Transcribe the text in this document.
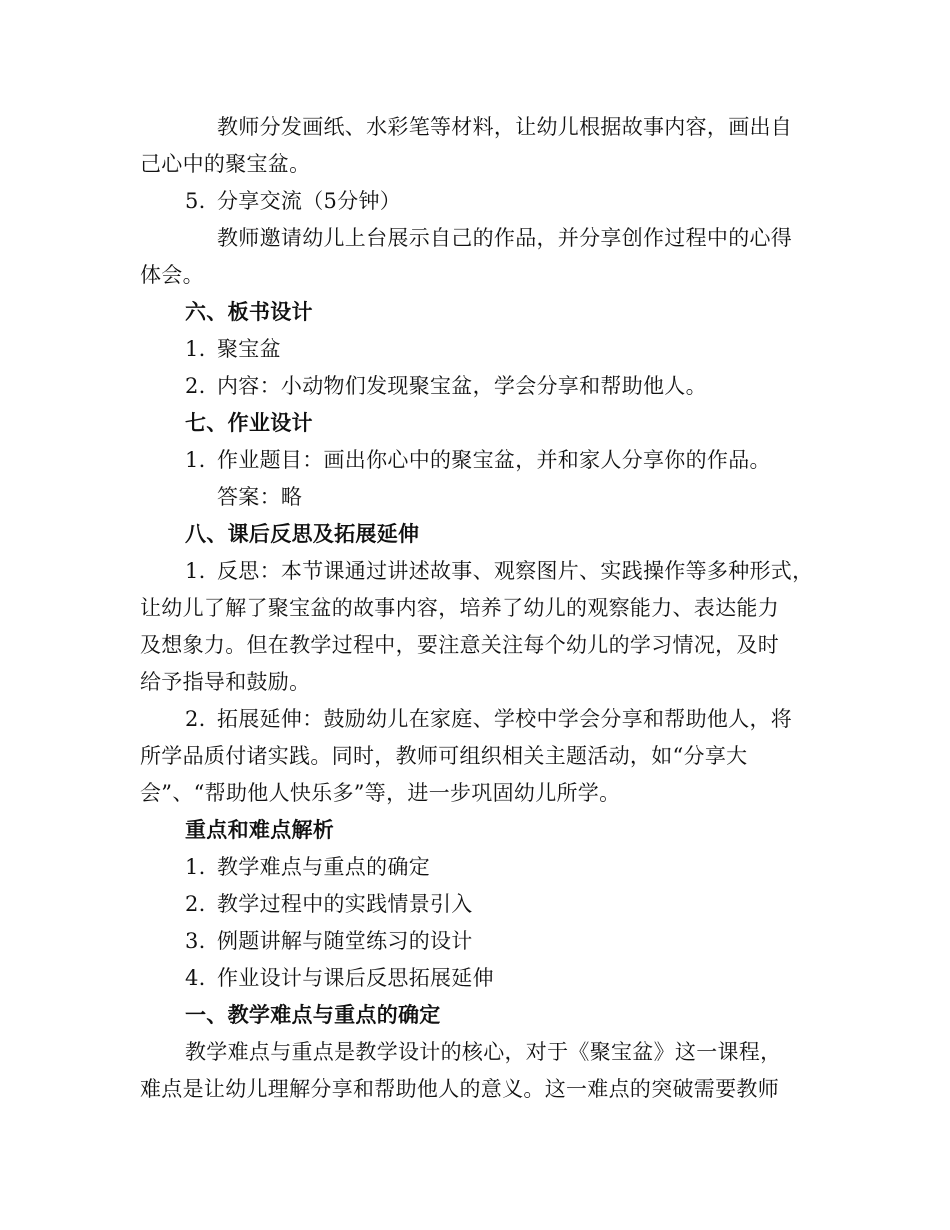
教师分发画纸、水彩笔等材料，让幼儿根据故事内容，画出自
己心中的聚宝盆。
5. 分享交流（5分钟）
教师邀请幼儿上台展示自己的作品，并分享创作过程中的心得
体会。
六、板书设计
1. 聚宝盆
2. 内容：小动物们发现聚宝盆，学会分享和帮助他人。
七、作业设计
1. 作业题目：画出你心中的聚宝盆，并和家人分享你的作品。
答案：略
八、课后反思及拓展延伸
1. 反思：本节课通过讲述故事、观察图片、实践操作等多种形式，
让幼儿了解了聚宝盆的故事内容，培养了幼儿的观察能力、表达能力
及想象力。但在教学过程中，要注意关注每个幼儿的学习情况，及时
给予指导和鼓励。
2. 拓展延伸：鼓励幼儿在家庭、学校中学会分享和帮助他人，将
所学品质付诸实践。同时，教师可组织相关主题活动，如“分享大
会”、“帮助他人快乐多”等，进一步巩固幼儿所学。
重点和难点解析
1. 教学难点与重点的确定
2. 教学过程中的实践情景引入
3. 例题讲解与随堂练习的设计
4. 作业设计与课后反思拓展延伸
一、教学难点与重点的确定
教学难点与重点是教学设计的核心，对于《聚宝盆》这一课程，
难点是让幼儿理解分享和帮助他人的意义。这一难点的突破需要教师
